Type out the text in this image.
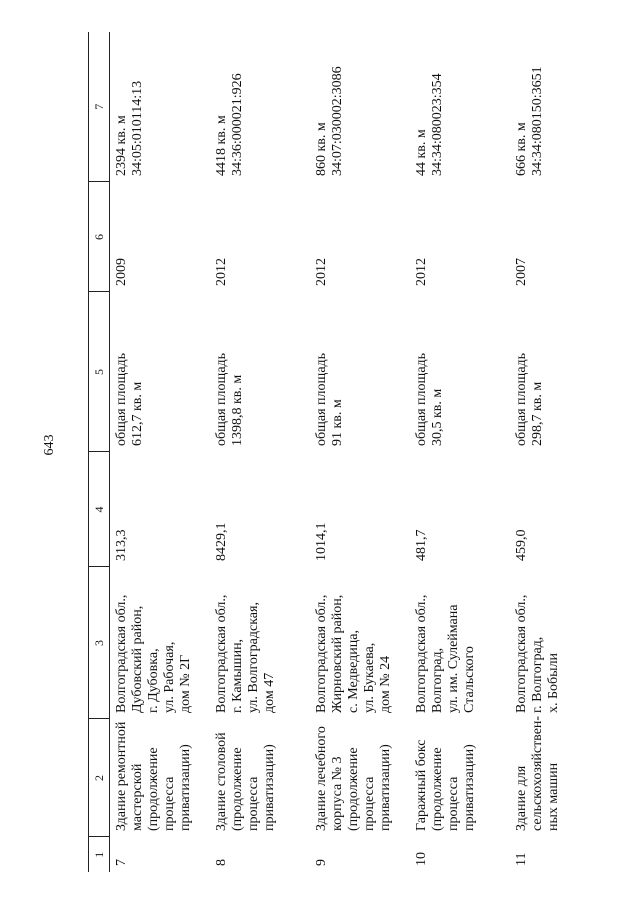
643
1	2	3	4	5	6	7
7	Здание ремонтной мастерской (продолжение процесса приватизации)	Волгоградская обл., Дубовский район, г. Дубовка, ул. Рабочая, дом № 2Г	313,3	общая площадь 612,7 кв. м	2009	2394 кв. м 34:05:010114:13

8	Здание столовой (продолжение процесса приватизации)	Волгоградская обл., г. Камышин, ул. Волгоградская, дом 47	8429,1	общая площадь 1398,8 кв. м	2012	4418 кв. м 34:36:000021:926

9	Здание лечебного корпуса № 3 (продолжение процесса приватизации)	Волгоградская обл., Жирновский район, с. Медведица, ул. Букаева, дом № 24	1014,1	общая площадь 91 кв. м	2012	860 кв. м 34:07:030002:3086

10	Гаражный бокс (продолжение процесса приватизации)	Волгоградская обл., Волгоград, ул. им. Сулеймана Стальского	481,7	общая площадь 30,5 кв. м	2012	44 кв. м 34:34:080023:354

11	Здание для сельскохозяйствен- ных машин	Волгоградская обл., г. Волгоград, х. Бобыли	459,0	общая площадь 298,7 кв. м	2007	666 кв. м 34:34:080150:3651
